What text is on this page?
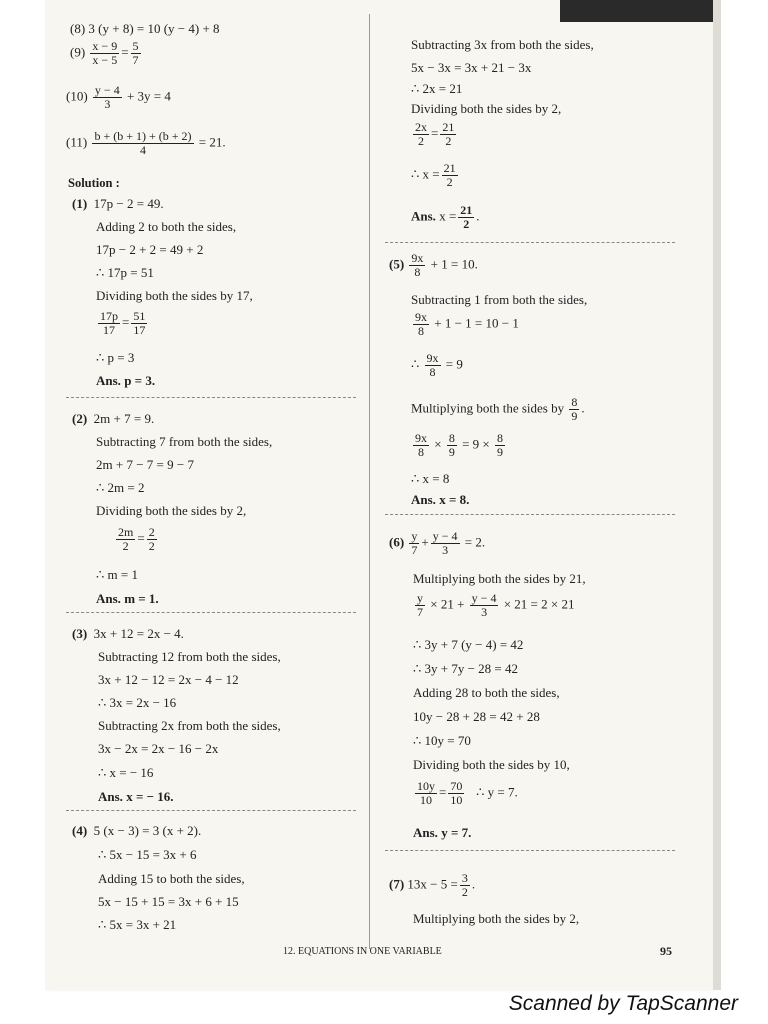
(8) 3 (y + 8) = 10 (y − 4) + 8
$(9) \frac{x - 9}{x - 5} = \frac{5}{7}$
$(10) \frac{y - 4}{3} + 3y = 4$
$(11) \frac{b + (b + 1) + (b + 2)}{4} = 21$.
Solution :
(1) 17p − 2 = 49.
Adding 2 to both the sides,
17p − 2 + 2 = 49 + 2
∴ 17p = 51
Dividing both the sides by 17,
$\frac{17p}{17} = \frac{51}{17}$
∴ p = 3
Ans. p = 3.
(2) 2m + 7 = 9.
Subtracting 7 from both the sides,
2m + 7 − 7 = 9 − 7
∴ 2m = 2
Dividing both the sides by 2,
$\frac{2m}{2} = \frac{2}{2}$
∴ m = 1
Ans. m = 1.
(3) 3x + 12 = 2x − 4.
Subtracting 12 from both the sides,
3x + 12 − 12 = 2x − 4 − 12
∴ 3x = 2x − 16
Subtracting 2x from both the sides,
3x − 2x = 2x − 16 − 2x
∴ x = − 16
Ans. x = − 16.
(4) 5 (x − 3) = 3 (x + 2).
∴ 5x − 15 = 3x + 6
Adding 15 to both the sides,
5x − 15 + 15 = 3x + 6 + 15
∴ 5x = 3x + 21
Subtracting 3x from both the sides,
5x − 3x = 3x + 21 − 3x
∴ 2x = 21
Dividing both the sides by 2,
$\frac{2x}{2} = \frac{21}{2}$
∴ $x = \frac{21}{2}$
Ans. $x = \frac{21}{2}$ .
$(5) \frac{9x}{8} + 1 = 10$.
Subtracting 1 from both the sides,
$\frac{9x}{8} + 1 - 1 = 10 - 1$
∴ $\frac{9x}{8} = 9$
Multiplying both the sides by $\frac{8}{9}$ .
$\frac{9x}{8} \times \frac{8}{9} = 9 \times \frac{8}{9}$
∴ x = 8
Ans. x = 8.
$(6) \frac{y}{7} + \frac{y - 4}{3} = 2$.
Multiplying both the sides by 21,
$\frac{y}{7} \times 21 + \frac{y - 4}{3} \times 21 = 2 \times 21$
∴ 3y + 7 (y − 4) = 42
∴ 3y + 7y − 28 = 42
Adding 28 to both the sides,
10y − 28 + 28 = 42 + 28
∴ 10y = 70
Dividing both the sides by 10,
$\frac{10y}{10} = \frac{70}{10}$ ∴ y = 7.
Ans. y = 7.
(7) $13x - 5 = \frac{3}{2}$ .
Multiplying both the sides by 2,
12. EQUATIONS IN ONE VARIABLE	95
Scanned by TapScanner
